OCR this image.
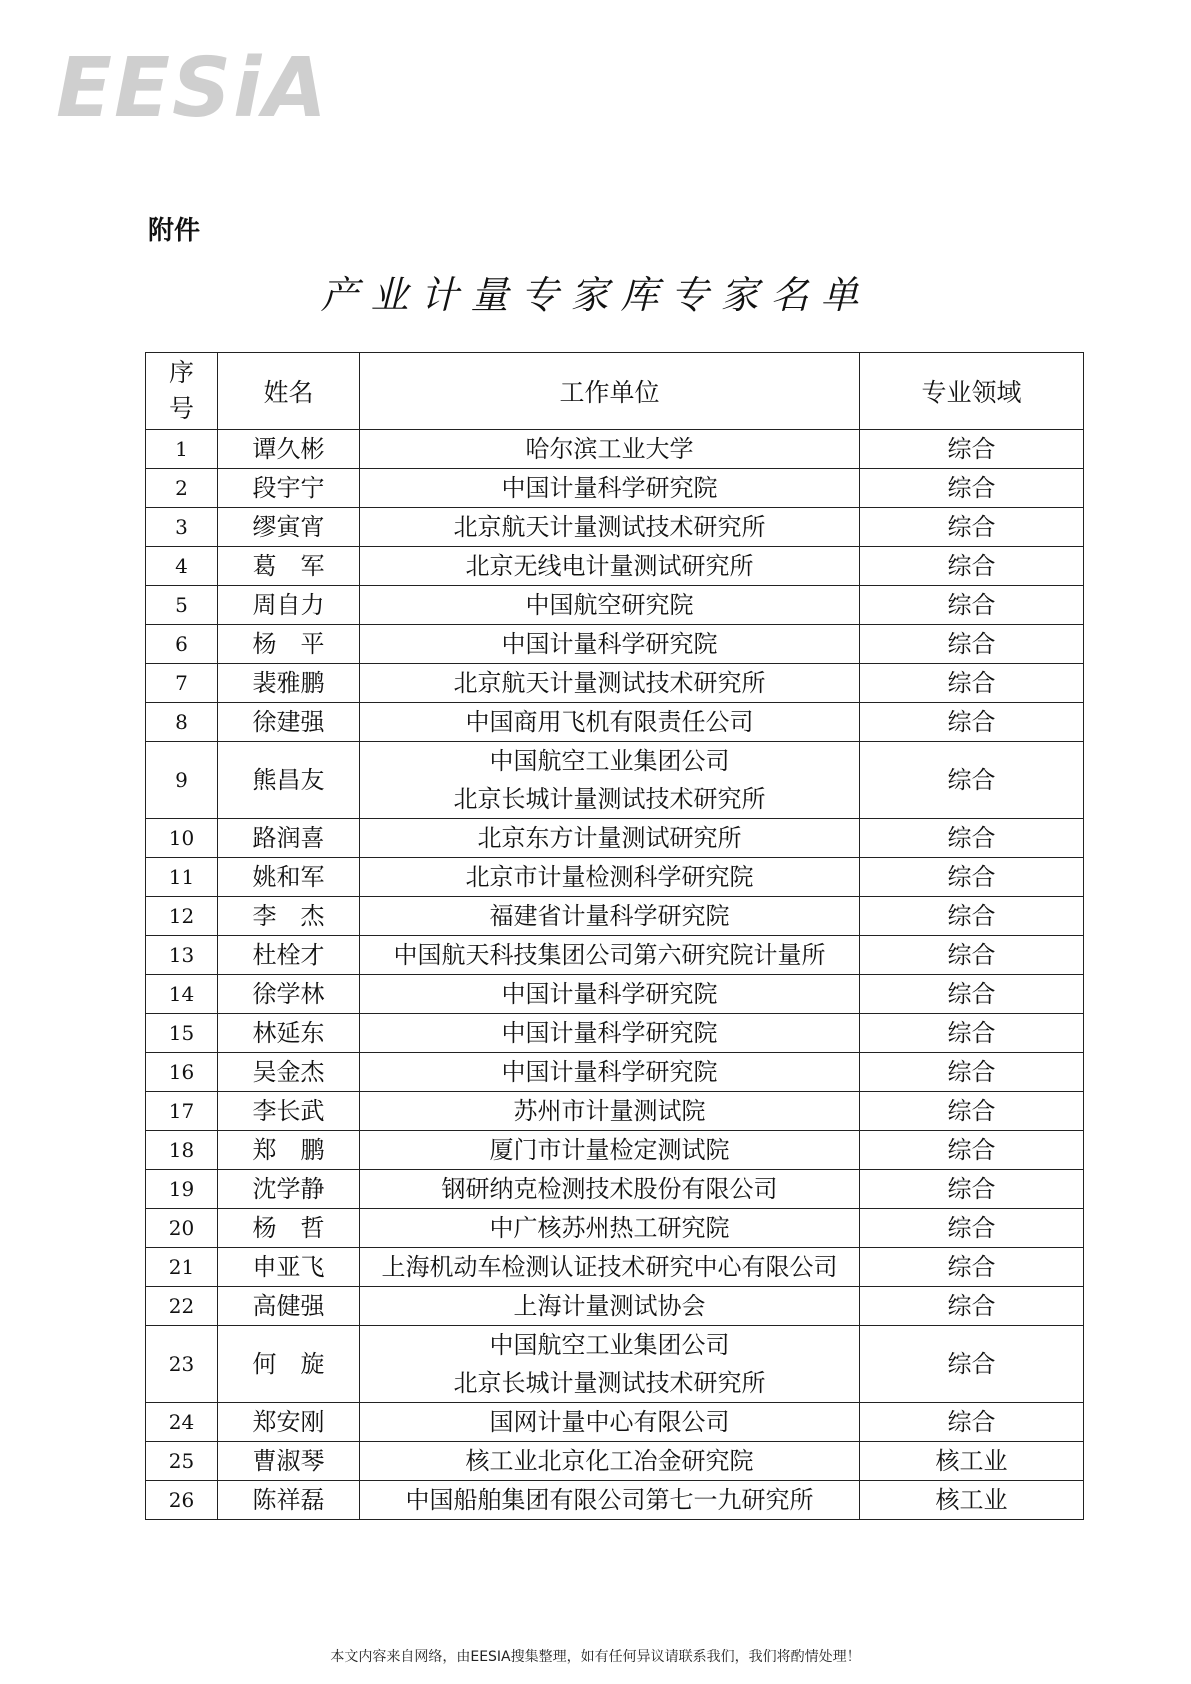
EESiA
附件
产业计量专家库专家名单
序
号	姓名	工作单位	专业领域
1	谭久彬	哈尔滨工业大学	综合
2	段宇宁	中国计量科学研究院	综合
3	缪寅宵	北京航天计量测试技术研究所	综合
4	葛　军	北京无线电计量测试研究所	综合
5	周自力	中国航空研究院	综合
6	杨　平	中国计量科学研究院	综合
7	裴雅鹏	北京航天计量测试技术研究所	综合
8	徐建强	中国商用飞机有限责任公司	综合
9	熊昌友	中国航空工业集团公司
北京长城计量测试技术研究所	综合
10	路润喜	北京东方计量测试研究所	综合
11	姚和军	北京市计量检测科学研究院	综合
12	李　杰	福建省计量科学研究院	综合
13	杜栓才	中国航天科技集团公司第六研究院计量所	综合
14	徐学林	中国计量科学研究院	综合
15	林延东	中国计量科学研究院	综合
16	吴金杰	中国计量科学研究院	综合
17	李长武	苏州市计量测试院	综合
18	郑　鹏	厦门市计量检定测试院	综合
19	沈学静	钢研纳克检测技术股份有限公司	综合
20	杨　哲	中广核苏州热工研究院	综合
21	申亚飞	上海机动车检测认证技术研究中心有限公司	综合
22	高健强	上海计量测试协会	综合
23	何　旋	中国航空工业集团公司
北京长城计量测试技术研究所	综合
24	郑安刚	国网计量中心有限公司	综合
25	曹淑琴	核工业北京化工冶金研究院	核工业
26	陈祥磊	中国船舶集团有限公司第七一九研究所	核工业
本文内容来自网络，由EESIA搜集整理，如有任何异议请联系我们，我们将酌情处理！
